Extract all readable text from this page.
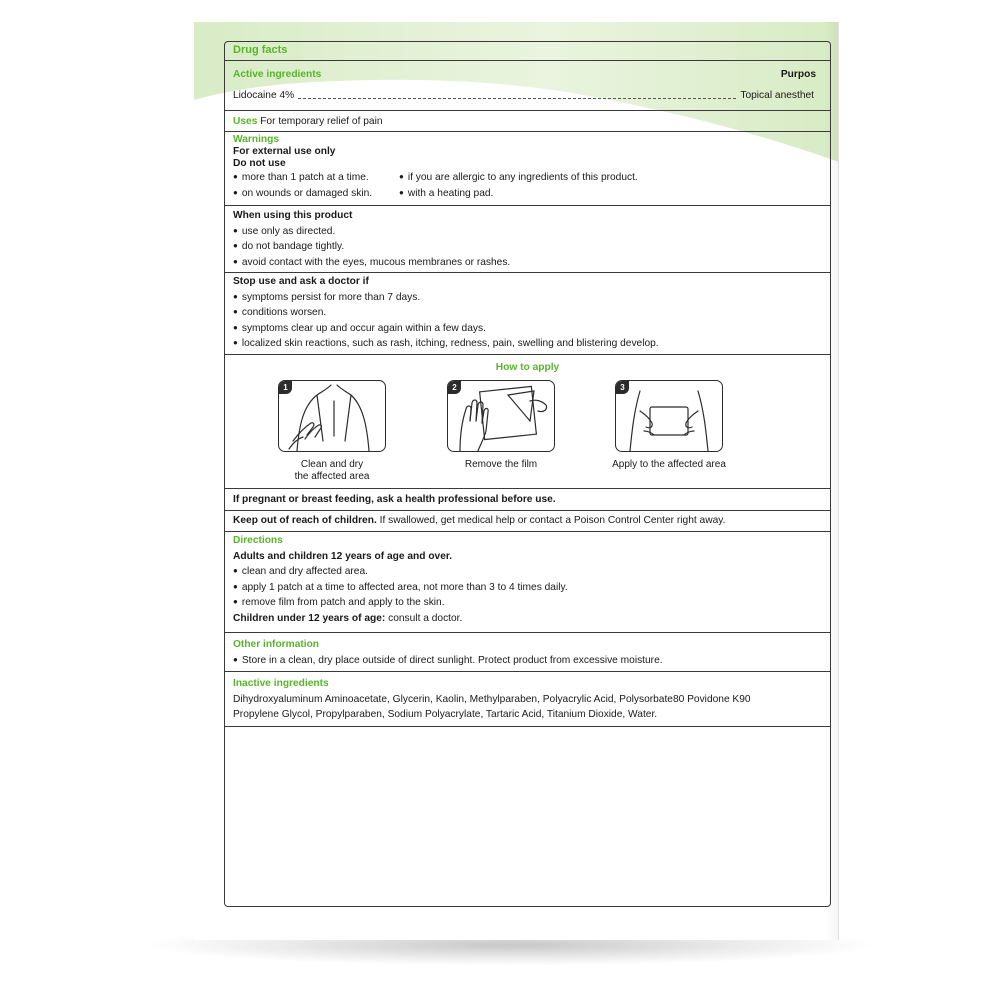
Drug facts
Active ingredients	Purpos
Lidocaine 4%	Topical anesthet
Uses For temporary relief of pain
Warnings
For external use only
Do not use
● more than 1 patch at a time.	● if you are allergic to any ingredients of this product.
● on wounds or damaged skin.	● with a heating pad.
When using this product
● use only as directed.
● do not bandage tightly.
● avoid contact with the eyes, mucous membranes or rashes.
Stop use and ask a doctor if
● symptoms persist for more than 7 days.
● conditions worsen.
● symptoms clear up and occur again within a few days.
● localized skin reactions, such as rash, itching, redness, pain, swelling and blistering develop.
How to apply
1
Clean and dry
the affected area
2
Remove the film
3
Apply to the affected area
If pregnant or breast feeding, ask a health professional before use.
Keep out of reach of children. If swallowed, get medical help or contact a Poison Control Center right away.
Directions
Adults and children 12 years of age and over.
● clean and dry affected area.
● apply 1 patch at a time to affected area, not more than 3 to 4 times daily.
● remove film from patch and apply to the skin.
Children under 12 years of age: consult a doctor.
Other information
● Store in a clean, dry place outside of direct sunlight. Protect product from excessive moisture.
Inactive ingredients
Dihydroxyaluminum Aminoacetate, Glycerin, Kaolin, Methylparaben, Polyacrylic Acid, Polysorbate80 Povidone K90
Propylene Glycol, Propylparaben, Sodium Polyacrylate, Tartaric Acid, Titanium Dioxide, Water.
